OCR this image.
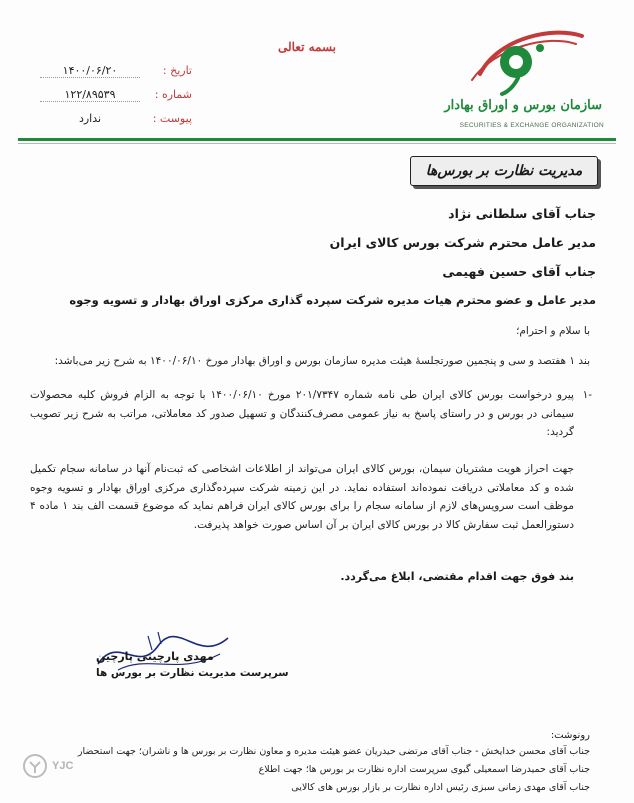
بسمه تعالی
تاریخ :
۱۴۰۰/۰۶/۲۰
شماره :
۱۲۲/۸۹۵۳۹
پیوست :
ندارد
سازمان بورس و اوراق بهادار
SECURITIES & EXCHANGE ORGANIZATION
مدیریت نظارت بر بورس‌ها
جناب آقای سلطانی نژاد
مدیر عامل محترم شرکت بورس کالای ایران
جناب آقای حسین فهیمی
مدیر عامل و عضو محترم هیات مدیره شرکت سپرده گذاری مرکزی اوراق بهادار و تسویه وجوه
با سلام و احترام؛
بند ۱ هفتصد و سی و پنجمین صورتجلسهٔ هیئت مدیره سازمان بورس و اوراق بهادار مورخ ۱۴۰۰/۰۶/۱۰ به شرح زیر می‌باشد:
-۱
پیرو درخواست بورس کالای ایران طی نامه شماره ۲۰۱/۷۳۴۷ مورخ ۱۴۰۰/۰۶/۱۰ با توجه به الزام فروش کلیه محصولات سیمانی در بورس و در راستای پاسخ به نیاز عمومی مصرف‌کنندگان و تسهیل صدور کد معاملاتی، مراتب به شرح زیر تصویب گردید:
جهت احراز هویت مشتریان سیمان، بورس کالای ایران می‌تواند از اطلاعات اشخاصی که ثبت‌نام آنها در سامانه سجام تکمیل شده و کد معاملاتی دریافت نموده‌اند استفاده نماید. در این زمینه شرکت سپرده‌گذاری مرکزی اوراق بهادار و تسویه وجوه موظف است سرویس‌های لازم از سامانه سجام را برای بورس کالای ایران فراهم نماید که موضوع قسمت الف بند ۱ ماده ۴ دستورالعمل ثبت سفارش کالا در بورس کالای ایران بر آن اساس صورت خواهد پذیرفت.
بند فوق جهت اقدام مقتضی، ابلاغ می‌گردد.
مهدی پارچینی پارچین
سرپرست مدیریت نظارت بر بورس ها
رونوشت:
جناب آقای محسن خدایخش - جناب آقای مرتضی حیدریان عضو هیئت مدیره و معاون نظارت بر بورس ها و ناشران؛ جهت استحضار
جناب آقای حمیدرضا اسمعیلی گیوی سرپرست اداره نظارت بر بورس ها؛ جهت اطلاع
جناب آقای مهدی زمانی سبزی رئیس اداره نظارت بر بازار بورس های کالایی
YJC
